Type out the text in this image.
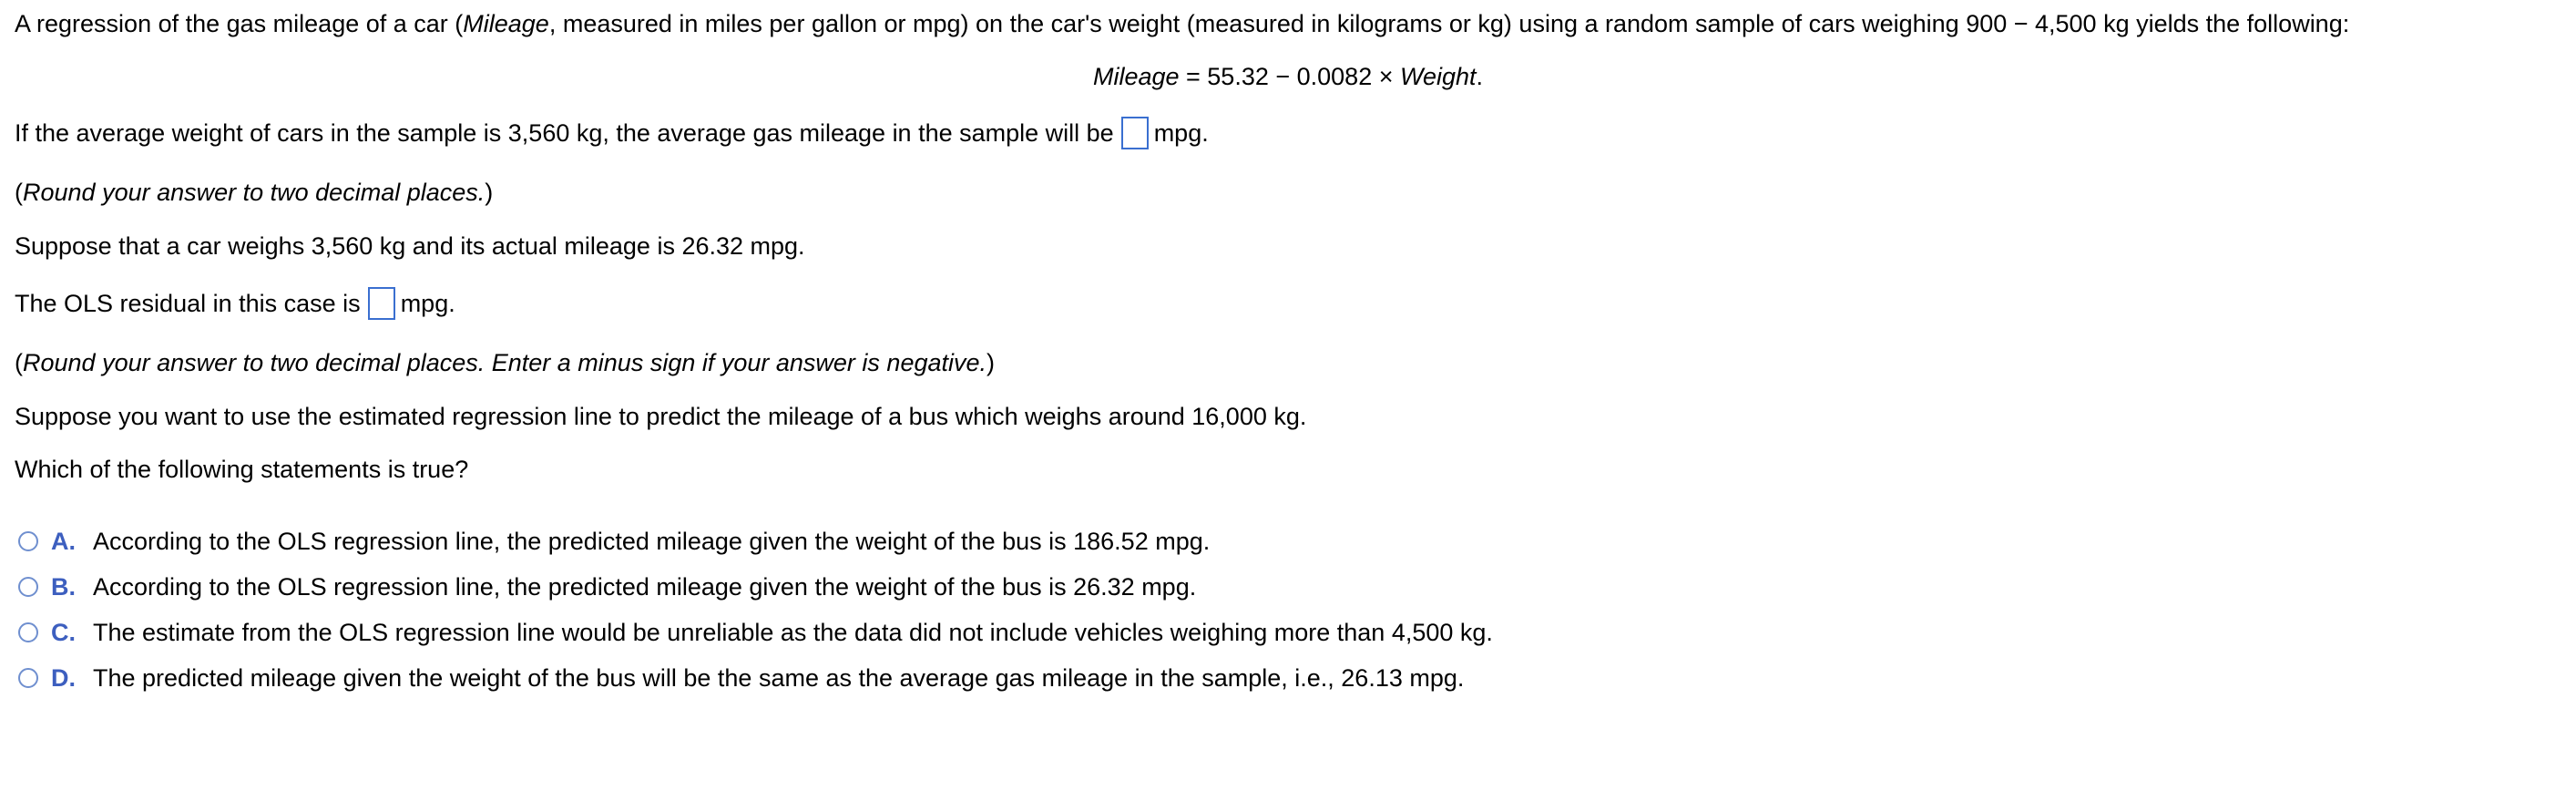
A regression of the gas mileage of a car (Mileage, measured in miles per gallon or mpg) on the car's weight (measured in kilograms or kg) using a random sample of cars weighing 900 − 4,500 kg yields the following:
Mileage = 55.32 − 0.0082 × Weight.
If the average weight of cars in the sample is 3,560 kg, the average gas mileage in the sample will be mpg.
(Round your answer to two decimal places.)
Suppose that a car weighs 3,560 kg and its actual mileage is 26.32 mpg.
The OLS residual in this case is mpg.
(Round your answer to two decimal places. Enter a minus sign if your answer is negative.)
Suppose you want to use the estimated regression line to predict the mileage of a bus which weighs around 16,000 kg.
Which of the following statements is true?
A. According to the OLS regression line, the predicted mileage given the weight of the bus is 186.52 mpg.
B. According to the OLS regression line, the predicted mileage given the weight of the bus is 26.32 mpg.
C. The estimate from the OLS regression line would be unreliable as the data did not include vehicles weighing more than 4,500 kg.
D. The predicted mileage given the weight of the bus will be the same as the average gas mileage in the sample, i.e., 26.13 mpg.
